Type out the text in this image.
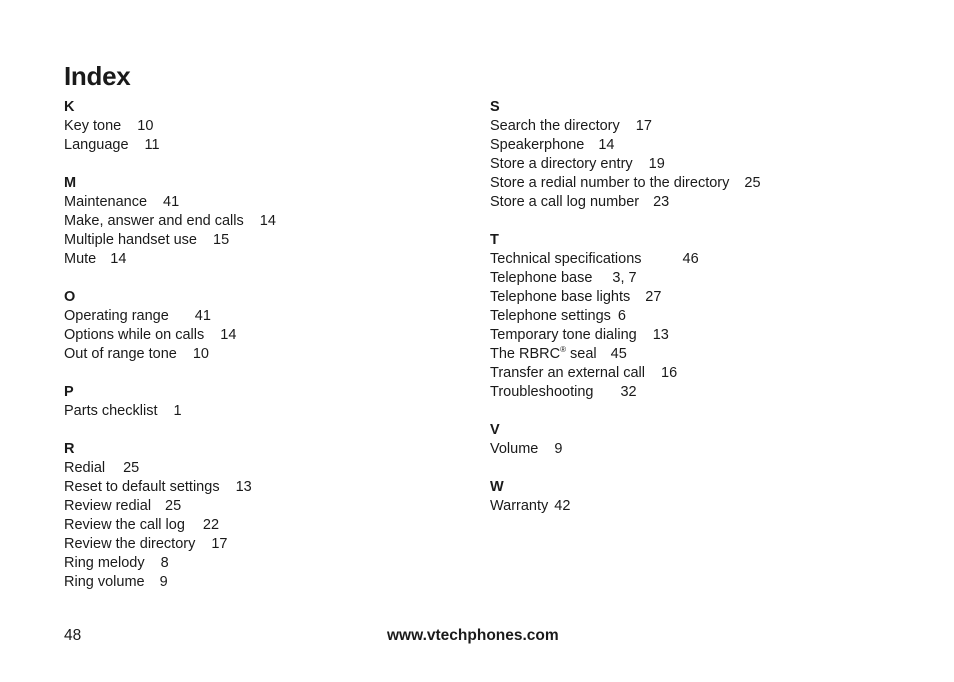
Index
K
Key tone 10
Language 11
M
Maintenance 41
Make, answer and end calls 14
Multiple handset use 15
Mute 14
O
Operating range 41
Options while on calls 14
Out of range tone 10
P
Parts checklist 1
R
Redial 25
Reset to default settings 13
Review redial 25
Review the call log 22
Review the directory 17
Ring melody 8
Ring volume 9
S
Search the directory 17
Speakerphone 14
Store a directory entry 19
Store a redial number to the directory 25
Store a call log number 23
T
Technical specifications	46
Telephone base 3, 7
Telephone base lights 27
Telephone settings 6
Temporary tone dialing 13
The RBRC® seal 45
Transfer an external call 16
Troubleshooting 32
V
Volume 9
W
Warranty 42
48	www.vtechphones.com
